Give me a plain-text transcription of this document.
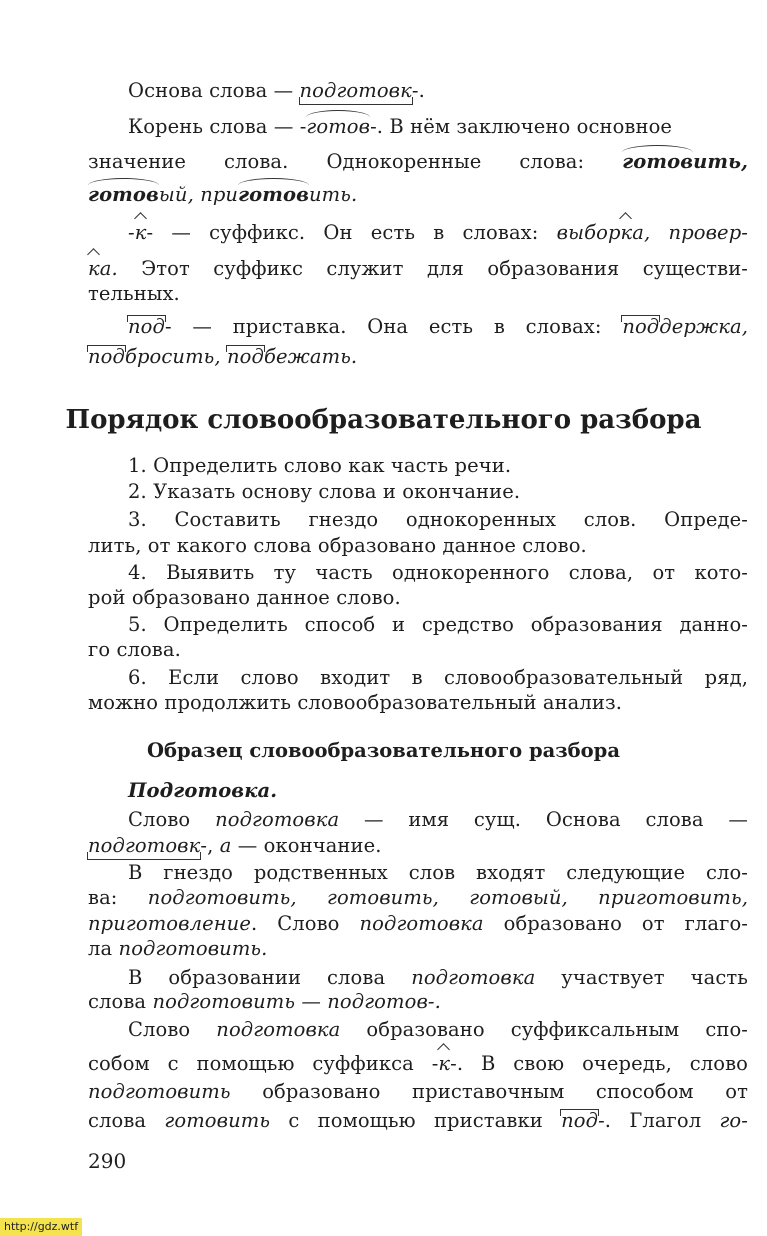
Основа слова — подготовк-.
Корень слова — -готов-. В нём заключено основное
значение слова. Однокоренные слова: готовить,
готовый, приготовить.
-к- — суффикс. Он есть в словах: выборка, провер-
ка. Этот суффикс служит для образования существи-
тельных.
под- — приставка. Она есть в словах: поддержка,
подбросить, подбежать.
Порядок словообразовательного разбора
1. Определить слово как часть речи.
2. Указать основу слова и окончание.
3. Составить гнездо однокоренных слов. Опреде-
лить, от какого слова образовано данное слово.
4. Выявить ту часть однокоренного слова, от кото-
рой образовано данное слово.
5. Определить способ и средство образования данно-
го слова.
6. Если слово входит в словообразовательный ряд,
можно продолжить словообразовательный анализ.
Образец словообразовательного разбора
Подготовка.
Слово подготовка — имя сущ. Основа слова —
подготовк-, а — окончание.
В гнездо родственных слов входят следующие сло-
ва: подготовить, готовить, готовый, приготовить,
приготовление. Слово подготовка образовано от глаго-
ла подготовить.
В образовании слова подготовка участвует часть
слова подготовить — подготов-.
Слово подготовка образовано суффиксальным спо-
собом с помощью суффикса -к-. В свою очередь, слово
подготовить образовано приставочным способом от
слова готовить с помощью приставки под-. Глагол го-
290
http://gdz.wtf
